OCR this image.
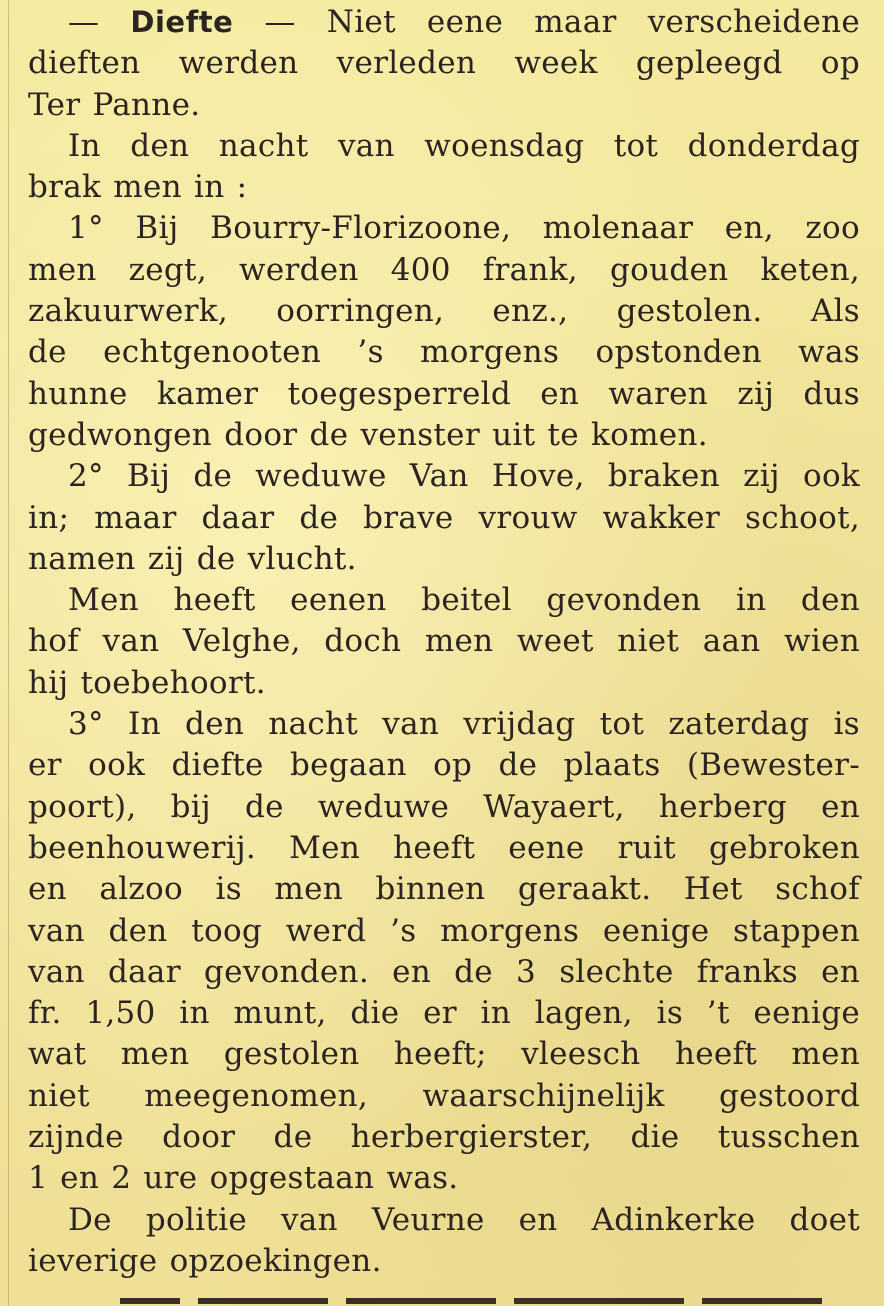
— Diefte — Niet eene maar verscheidene
dieften werden verleden week gepleegd op
Ter Panne.
In den nacht van woensdag tot donderdag
brak men in :
1° Bij Bourry-Florizoone, molenaar en, zoo
men zegt, werden 400 frank, gouden keten,
zakuurwerk, oorringen, enz., gestolen. Als
de echtgenooten ’s morgens opstonden was
hunne kamer toegesperreld en waren zij dus
gedwongen door de venster uit te komen.
2° Bij de weduwe Van Hove, braken zij ook
in; maar daar de brave vrouw wakker schoot,
namen zij de vlucht.
Men heeft eenen beitel gevonden in den
hof van Velghe, doch men weet niet aan wien
hij toebehoort.
3° In den nacht van vrijdag tot zaterdag is
er ook diefte begaan op de plaats (Bewester-
poort), bij de weduwe Wayaert, herberg en
beenhouwerij. Men heeft eene ruit gebroken
en alzoo is men binnen geraakt. Het schof
van den toog werd ’s morgens eenige stappen
van daar gevonden. en de 3 slechte franks en
fr. 1,50 in munt, die er in lagen, is ’t eenige
wat men gestolen heeft; vleesch heeft men
niet meegenomen, waarschijnelijk gestoord
zijnde door de herbergierster, die tusschen
1 en 2 ure opgestaan was.
De politie van Veurne en Adinkerke doet
ieverige opzoekingen.
